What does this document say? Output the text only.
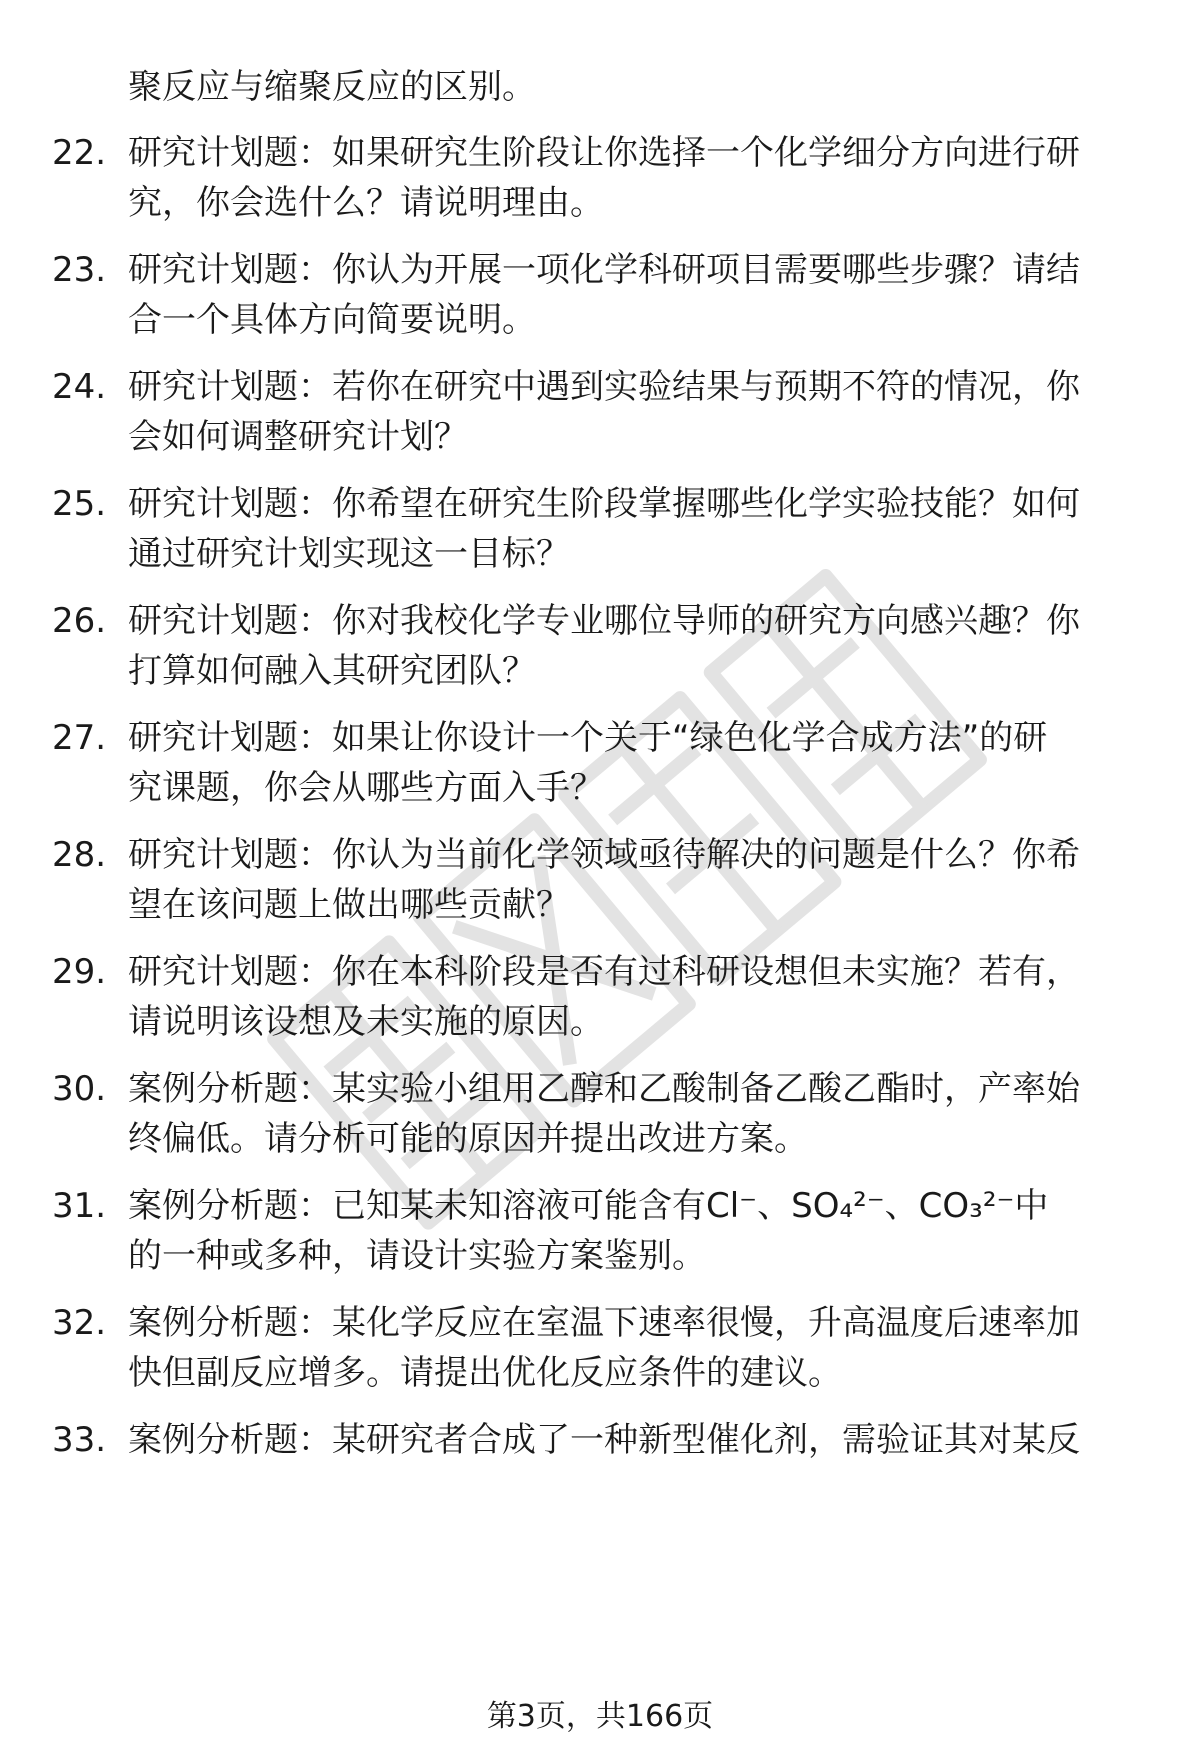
聚反应与缩聚反应的区别。
22. 研究计划题：如果研究生阶段让你选择一个化学细分方向进行研
究，你会选什么？请说明理由。
23. 研究计划题：你认为开展一项化学科研项目需要哪些步骤？请结
合一个具体方向简要说明。
24. 研究计划题：若你在研究中遇到实验结果与预期不符的情况，你
会如何调整研究计划？
25. 研究计划题：你希望在研究生阶段掌握哪些化学实验技能？如何
通过研究计划实现这一目标？
26. 研究计划题：你对我校化学专业哪位导师的研究方向感兴趣？你
打算如何融入其研究团队？
27. 研究计划题：如果让你设计一个关于“绿色化学合成方法”的研
究课题，你会从哪些方面入手？
28. 研究计划题：你认为当前化学领域亟待解决的问题是什么？你希
望在该问题上做出哪些贡献？
29. 研究计划题：你在本科阶段是否有过科研设想但未实施？若有，
请说明该设想及未实施的原因。
30. 案例分析题：某实验小组用乙醇和乙酸制备乙酸乙酯时，产率始
终偏低。请分析可能的原因并提出改进方案。
31. 案例分析题：已知某未知溶液可能含有Cl⁻、SO₄²⁻、CO₃²⁻中
的一种或多种，请设计实验方案鉴别。
32. 案例分析题：某化学反应在室温下速率很慢，升高温度后速率加
快但副反应增多。请提出优化反应条件的建议。
33. 案例分析题：某研究者合成了一种新型催化剂，需验证其对某反
第3页，共166页
